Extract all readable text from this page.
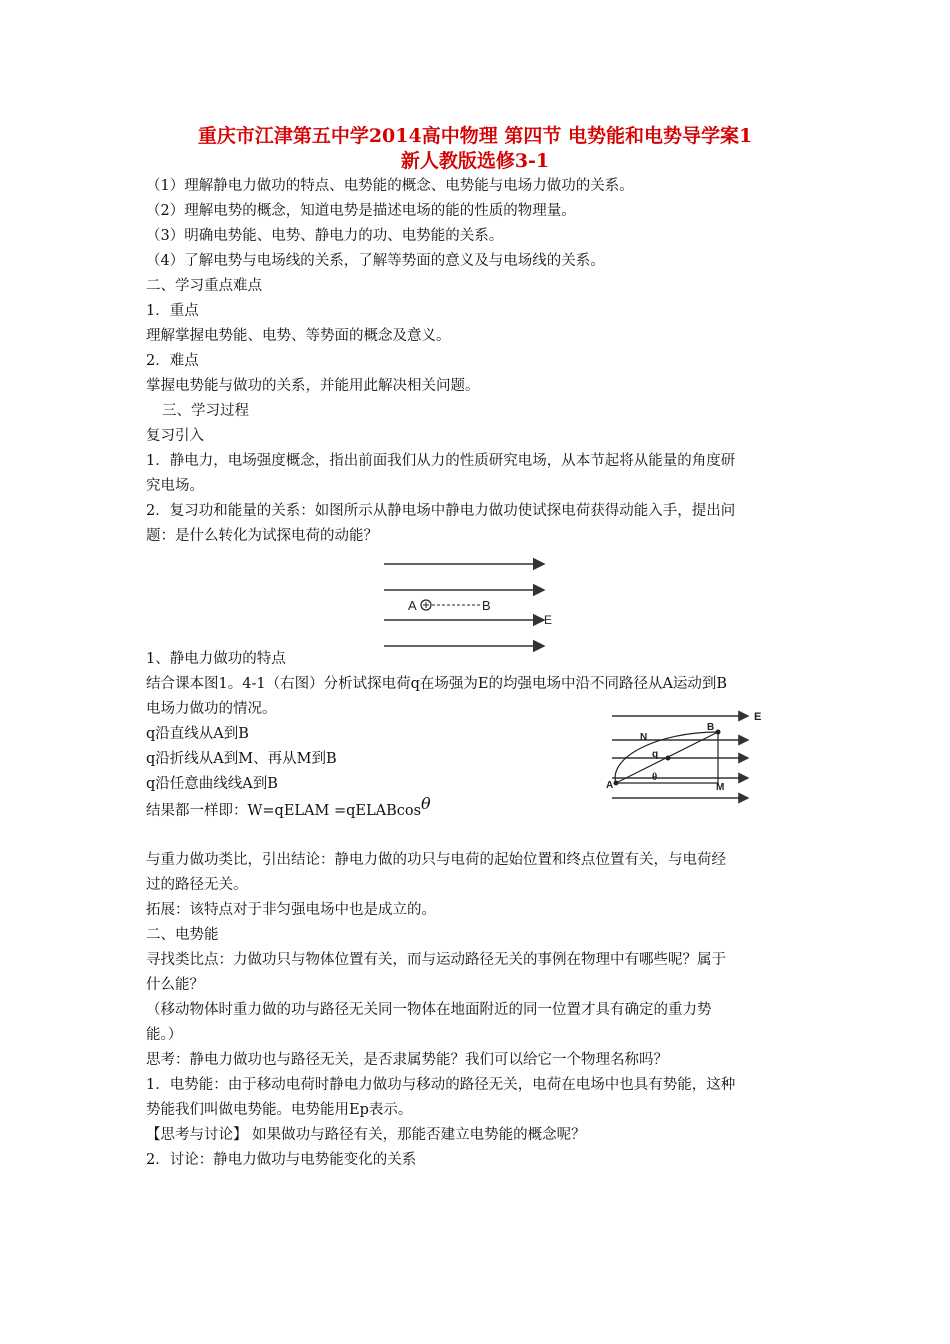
重庆市江津第五中学2014高中物理 第四节 电势能和电势导学案1
新人教版选修3-1
（1）理解静电力做功的特点、电势能的概念、电势能与电场力做功的关系。
（2）理解电势的概念，知道电势是描述电场的能的性质的物理量。
（3）明确电势能、电势、静电力的功、电势能的关系。
（4）了解电势与电场线的关系，了解等势面的意义及与电场线的关系。
二、学习重点难点
1．重点
理解掌握电势能、电势、等势面的概念及意义。
2．难点
掌握电势能与做功的关系，并能用此解决相关问题。
三、学习过程
复习引入
1．静电力，电场强度概念，指出前面我们从力的性质研究电场，从本节起将从能量的角度研
究电场。
2．复习功和能量的关系：如图所示从静电场中静电力做功使试探电荷获得动能入手，提出问
题：是什么转化为试探电荷的动能？
A	B
E
1、静电力做功的特点
结合课本图1。4-1（右图）分析试探电荷q在场强为E的均强电场中沿不同路径从A运动到B
电场力做功的情况。
q沿直线从A到B
q沿折线从A到M、再从M到B
q沿任意曲线线A到B
结果都一样即：W=qELAM =qELABcosθ
E
A
B
N
M
q
θ
与重力做功类比，引出结论：静电力做的功只与电荷的起始位置和终点位置有关，与电荷经
过的路径无关。
拓展：该特点对于非匀强电场中也是成立的。
二、电势能
寻找类比点：力做功只与物体位置有关，而与运动路径无关的事例在物理中有哪些呢？属于
什么能？
（移动物体时重力做的功与路径无关同一物体在地面附近的同一位置才具有确定的重力势
能。）
思考：静电力做功也与路径无关，是否隶属势能？我们可以给它一个物理名称吗？
1．电势能：由于移动电荷时静电力做功与移动的路径无关，电荷在电场中也具有势能，这种
势能我们叫做电势能。电势能用Ep表示。
【思考与讨论】 如果做功与路径有关，那能否建立电势能的概念呢？
2．讨论：静电力做功与电势能变化的关系
